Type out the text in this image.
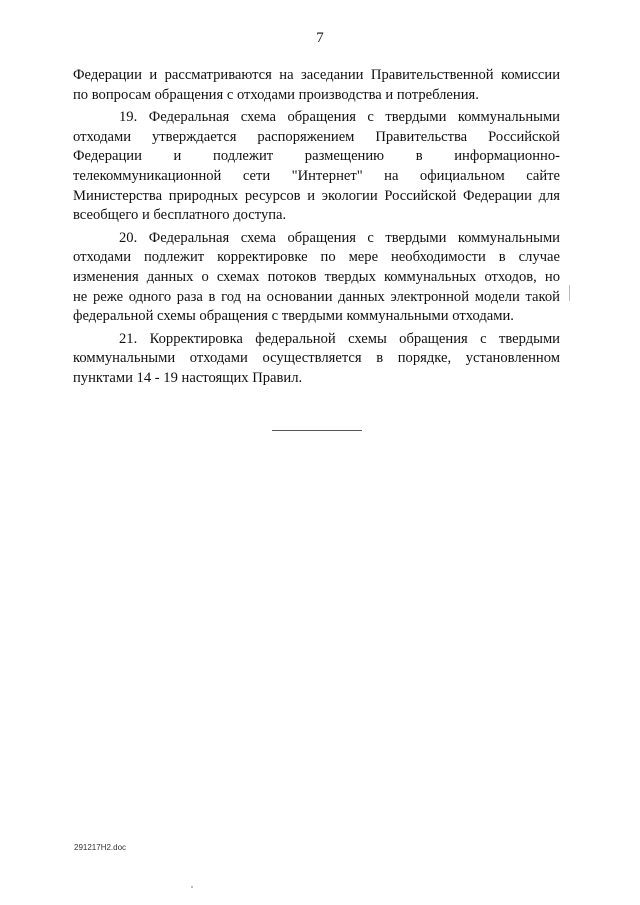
7

Федерации и рассматриваются на заседании Правительственной комиссии
по вопросам обращения с отходами производства и потребления.

19. Федеральная схема обращения с твердыми коммунальными
отходами утверждается распоряжением Правительства Российской
Федерации и подлежит размещению в информационно-
телекоммуникационной сети "Интернет" на официальном сайте
Министерства природных ресурсов и экологии Российской Федерации для
всеобщего и бесплатного доступа.

20. Федеральная схема обращения с твердыми коммунальными
отходами подлежит корректировке по мере необходимости в случае
изменения данных о схемах потоков твердых коммунальных отходов, но
не реже одного раза в год на основании данных электронной модели такой
федеральной схемы обращения с твердыми коммунальными отходами.

21. Корректировка федеральной схемы обращения с твердыми
коммунальными отходами осуществляется в порядке, установленном
пунктами 14 - 19 настоящих Правил.

291217H2.doc
